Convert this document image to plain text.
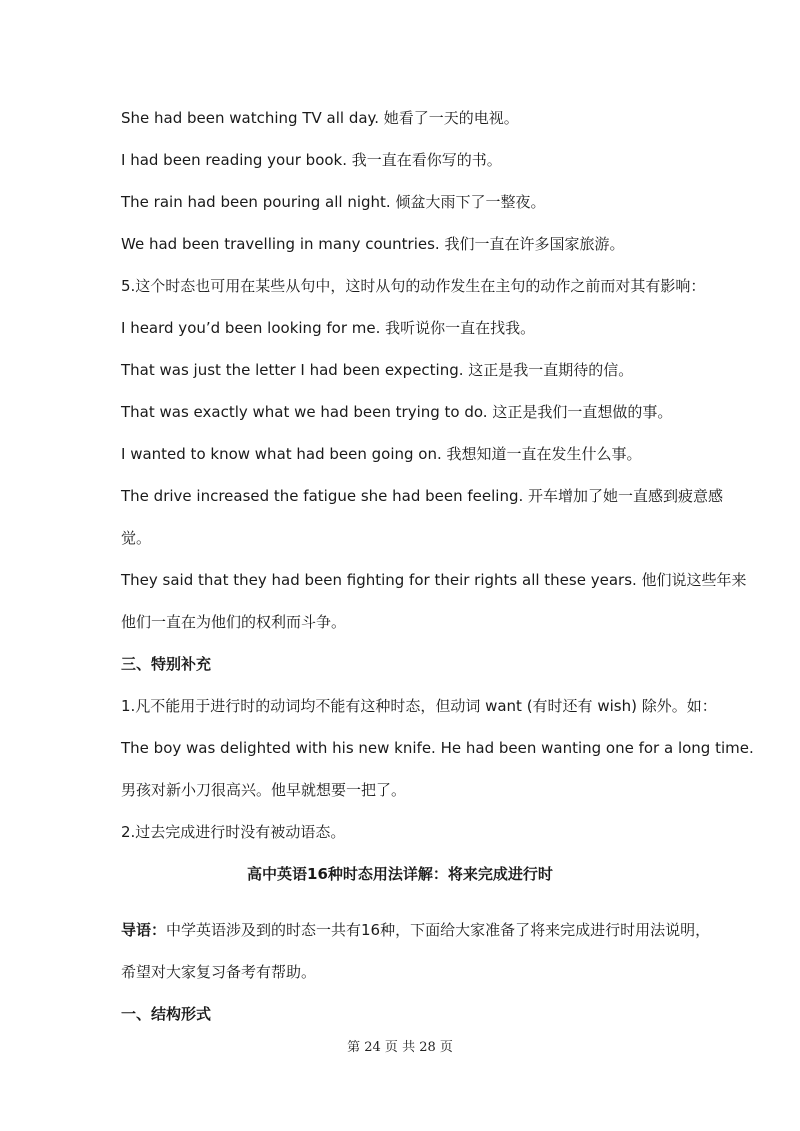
She had been watching TV all day. 她看了一天的电视。
I had been reading your book. 我一直在看你写的书。
The rain had been pouring all night. 倾盆大雨下了一整夜。
We had been travelling in many countries. 我们一直在许多国家旅游。
5.这个时态也可用在某些从句中，这时从句的动作发生在主句的动作之前而对其有影响：
I heard you’d been looking for me. 我听说你一直在找我。
That was just the letter I had been expecting. 这正是我一直期待的信。
That was exactly what we had been trying to do. 这正是我们一直想做的事。
I wanted to know what had been going on. 我想知道一直在发生什么事。
The drive increased the fatigue she had been feeling. 开车增加了她一直感到疲意感
觉。
They said that they had been fighting for their rights all these years. 他们说这些年来
他们一直在为他们的权利而斗争。
三、特别补充
1.凡不能用于进行时的动词均不能有这种时态，但动词 want (有时还有 wish) 除外。如：
The boy was delighted with his new knife. He had been wanting one for a long time.
男孩对新小刀很高兴。他早就想要一把了。
2.过去完成进行时没有被动语态。
高中英语16种时态用法详解：将来完成进行时
导语：中学英语涉及到的时态一共有16种，下面给大家准备了将来完成进行时用法说明，
希望对大家复习备考有帮助。
一、结构形式
第 24 页 共 28 页
